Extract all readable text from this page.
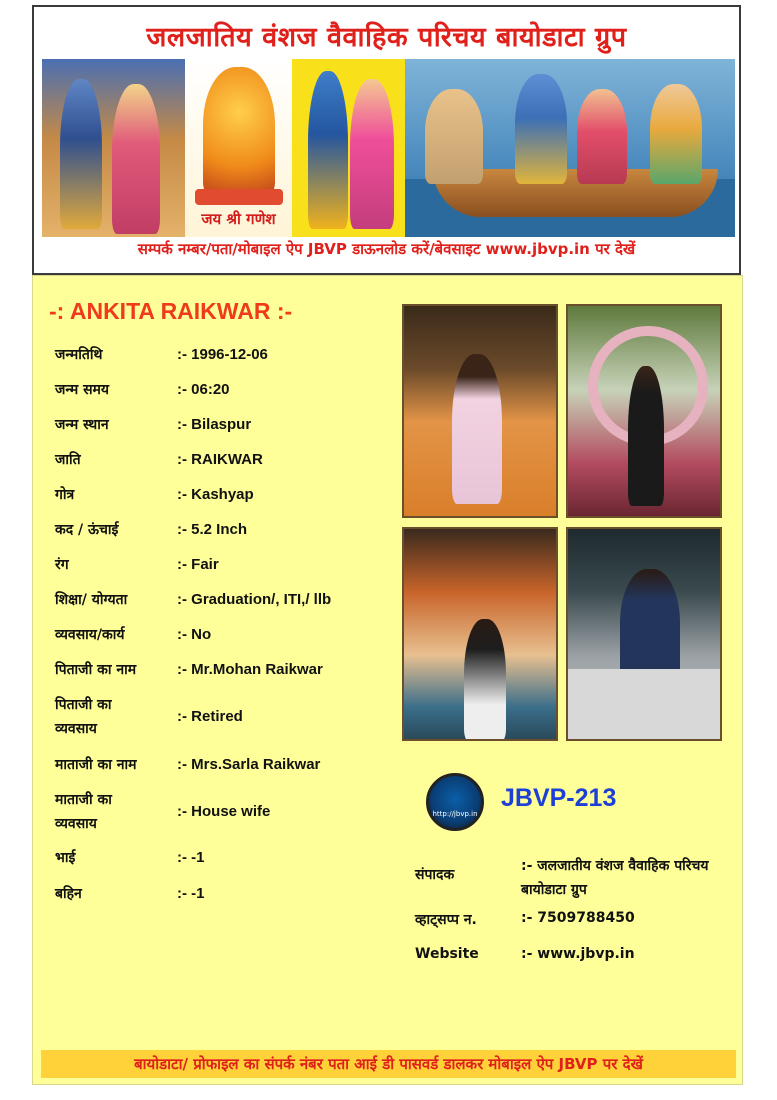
जलजातिय वंशज वैवाहिक परिचय बायोडाटा ग्रुप
जय श्री गणेश
सम्पर्क नम्बर/पता/मोबाइल ऐप JBVP डाऊनलोड करें/बेवसाइट www.jbvp.in पर देखें
-: ANKITA RAIKWAR :-
जन्मतिथि	:- 1996-12-06
जन्म समय	:- 06:20
जन्म स्थान	:- Bilaspur
जाति	:- RAIKWAR
गोत्र	:- Kashyap
कद / ऊंचाई	:- 5.2 Inch
रंग	:- Fair
शिक्षा/ योग्यता	:- Graduation/, ITI,/ llb
व्यवसाय/कार्य	:- No
पिताजी का नाम	:- Mr.Mohan Raikwar
पिताजी का व्यवसाय
:- Retired
माताजी का नाम	:- Mrs.Sarla Raikwar
माताजी का व्यवसाय
:- House wife
भाई	:- -1
बहिन	:- -1
http://jbvp.in
JBVP-213
संपादक
:- जलजातीय वंशज वैवाहिक परिचय बायोडाटा ग्रुप
व्हाट्सप्प न.	:- 7509788450
Website	:- www.jbvp.in
बायोडाटा/ प्रोफाइल का संपर्क नंबर पता आई डी पासवर्ड डालकर मोबाइल ऐप JBVP पर देखें
